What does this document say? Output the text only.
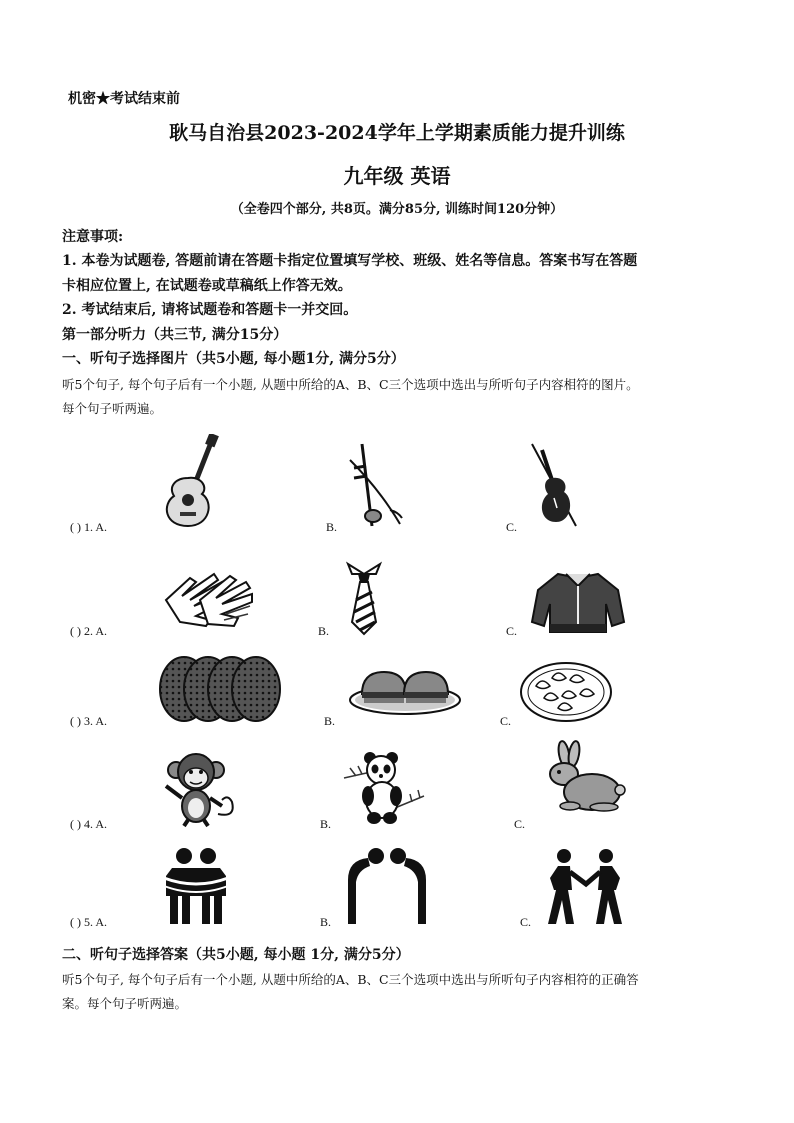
机密★考试结束前
耿马自治县2023-2024学年上学期素质能力提升训练
九年级 英语
（全卷四个部分, 共8页。满分85分, 训练时间120分钟）
注意事项:
1. 本卷为试题卷, 答题前请在答题卡指定位置填写学校、班级、姓名等信息。答案书写在答题
卡相应位置上, 在试题卷或草稿纸上作答无效。
2. 考试结束后, 请将试题卷和答题卡一并交回。
第一部分听力（共三节, 满分15分）
一、听句子选择图片（共5小题, 每小题1分, 满分5分）
听5个句子, 每个句子后有一个小题, 从题中所给的A、B、C三个选项中选出与所听句子内容相符的图片。
每个句子听两遍。
( ) 1. A.	B.	C.
( ) 2. A.	B.	C.
( ) 3. A.	B.	C.
( ) 4. A.	B.	C.
( ) 5. A.	B.	C.
二、听句子选择答案（共5小题, 每小题 1分, 满分5分）
听5个句子, 每个句子后有一个小题, 从题中所给的A、B、C三个选项中选出与所听句子内容相符的正确答
案。每个句子听两遍。
